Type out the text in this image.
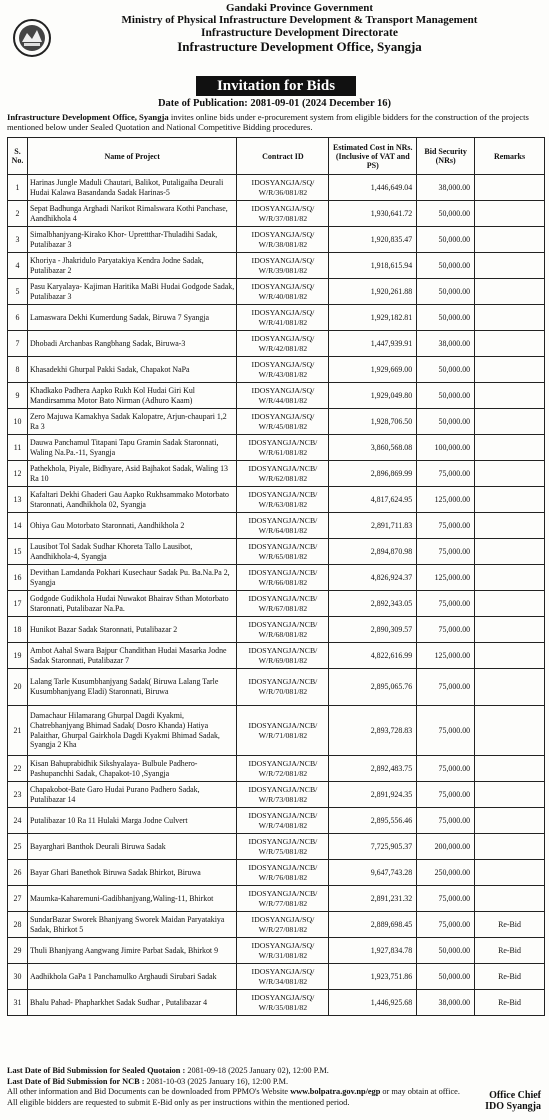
Gandaki Province Government
Ministry of Physical Infrastructure Development & Transport Management
Infrastructure Development Directorate
Infrastructure Development Office, Syangja
Invitation for Bids
Date of Publication: 2081-09-01 (2024 December 16)
Infrastructure Development Office, Syangja invites online bids under e-procurement system from eligible bidders for the construction of the projects mentioned below under Sealed Quotation and National Competitive Bidding procedures.
S. No.	Name of Project	Contract ID	Estimated Cost in NRs. (Inclusive of VAT and PS)	Bid Security (NRs)	Remarks
1	Harinas Jungle Maduli Chautari, Balikot, Putaligaiha Deurali Hudai Kalawa Basandanda Sadak Harinas-5	IDOSYANGJA/SQ/ W/R/36/081/82	1,446,649.04	38,000.00	
2	Sepat Badhunga Arghadi Narikot Rimalswara Kothi Panchase, Aandhikhola 4	IDOSYANGJA/SQ/ W/R/37/081/82	1,930,641.72	50,000.00	
3	Simalbhanjyang-Kirako Khor- Uprettthar-Thuladihi Sadak, Putalibazar 3	IDOSYANGJA/SQ/ W/R/38/081/82	1,920,835.47	50,000.00	
4	Khoriya - Jhakridulo Paryatakiya Kendra Jodne Sadak, Putalibazar 2	IDOSYANGJA/SQ/ W/R/39/081/82	1,918,615.94	50,000.00	
5	Pasu Karyalaya- Kajiman Haritika MaBi Hudai Godgode Sadak, Putalibazar 3	IDOSYANGJA/SQ/ W/R/40/081/82	1,920,261.88	50,000.00	
6	Lamaswara Dekhi Kumerdung Sadak, Biruwa 7 Syangja	IDOSYANGJA/SQ/ W/R/41/081/82	1,929,182.81	50,000.00	
7	Dhobadi Archanbas Rangbhang Sadak, Biruwa-3	IDOSYANGJA/SQ/ W/R/42/081/82	1,447,939.91	38,000.00	
8	Khasadekhi Ghurpal Pakki Sadak, Chapakot NaPa	IDOSYANGJA/SQ/ W/R/43/081/82	1,929,669.00	50,000.00	
9	Khadkako Padhera Aapko Rukh Kol Hudai Giri Kul Mandirsamma Motor Bato Nirman (Adhuro Kaam)	IDOSYANGJA/SQ/ W/R/44/081/82	1,929,049.80	50,000.00	
10	Zero Majuwa Kamakhya Sadak Kalopatre, Arjun-chaupari 1,2 Ra 3	IDOSYANGJA/SQ/ W/R/45/081/82	1,928,706.50	50,000.00	
11	Dauwa Panchamul Titapani Tapu Gramin Sadak Staronnati, Waling Na.Pa.-11, Syangja	IDOSYANGJA/NCB/ W/R/61/081/82	3,860,568.08	100,000.00	
12	Pathekhola, Piyale, Bidhyare, Asid Bajhakot Sadak, Waling 13 Ra 10	IDOSYANGJA/NCB/ W/R/62/081/82	2,896,869.99	75,000.00	
13	Kafaltari Dekhi Ghaderi Gau Aapko Rukhsammako Motorbato Staronnati, Aandhikhola 02, Syangja	IDOSYANGJA/NCB/ W/R/63/081/82	4,817,624.95	125,000.00	
14	Ohiya Gau Motorbato Staronnati, Aandhikhola 2	IDOSYANGJA/NCB/ W/R/64/081/82	2,891,711.83	75,000.00	
15	Lausibot Tol Sadak Sudhar Khoreta Tallo Lausibot, Aandhikhola-4, Syangja	IDOSYANGJA/NCB/ W/R/65/081/82	2,894,870.98	75,000.00	
16	Devithan Lamdanda Pokhari Kusechaur Sadak Pu. Ba.Na.Pa 2, Syangja	IDOSYANGJA/NCB/ W/R/66/081/82	4,826,924.37	125,000.00	
17	Godgode Gudikhola Hudai Nuwakot Bhairav Sthan Motorbato Staronnati, Putalibazar Na.Pa.	IDOSYANGJA/NCB/ W/R/67/081/82	2,892,343.05	75,000.00	
18	Hunikot Bazar Sadak Staronnati, Putalibazar 2	IDOSYANGJA/NCB/ W/R/68/081/82	2,890,309.57	75,000.00	
19	Ambot Aahal Swara Bajpur Chandithan Hudai Masarka Jodne Sadak Staronnati, Putalibazar 7	IDOSYANGJA/NCB/ W/R/69/081/82	4,822,616.99	125,000.00	
20	Lalang Tarle Kusumbhanjyang Sadak( Biruwa Lalang Tarle Kusumbhanjyang Eladi) Staronnati, Biruwa	IDOSYANGJA/NCB/ W/R/70/081/82	2,895,065.76	75,000.00	
21	Damachaur Hilamarang Ghurpal Dagdi Kyakmi, Chatrebhanjyang Bhimad Sadak( Dosro Khanda) Hatiya Palaithar, Ghurpal Gairkhola Dagdi Kyakmi Bhimad Sadak, Syangja 2 Kha	IDOSYANGJA/NCB/ W/R/71/081/82	2,893,728.83	75,000.00	
22	Kisan Bahuprabidhik Sikshyalaya- Bulbule Padhero-Pashupanchhi Sadak, Chapakot-10 ,Syangja	IDOSYANGJA/NCB/ W/R/72/081/82	2,892,483.75	75,000.00	
23	Chapakobot-Bate Garo Hudai Purano Padhero Sadak, Putalibazar 14	IDOSYANGJA/NCB/ W/R/73/081/82	2,891,924.35	75,000.00	
24	Putalibazar 10 Ra 11 Hulaki Marga Jodne Culvert	IDOSYANGJA/NCB/ W/R/74/081/82	2,895,556.46	75,000.00	
25	Bayarghari Banthok Deurali Biruwa Sadak	IDOSYANGJA/NCB/ W/R/75/081/82	7,725,905.37	200,000.00	
26	Bayar Ghari Banethok Biruwa Sadak Bhirkot, Biruwa	IDOSYANGJA/NCB/ W/R/76/081/82	9,647,743.28	250,000.00	
27	Maumka-Kaharemuni-Gadibhanjyang,Waling-11, Bhirkot	IDOSYANGJA/NCB/ W/R/77/081/82	2,891,231.32	75,000.00	
28	SundarBazar Sworek Bhanjyang Sworek Maidan Paryatakiya Sadak, Bhirkot 5	IDOSYANGJA/SQ/ W/R/27/081/82	2,889,698.45	75,000.00	Re-Bid
29	Thuli Bhanjyang Aangwang Jimire Parbat Sadak, Bhirkot 9	IDOSYANGJA/SQ/ W/R/31/081/82	1,927,834.78	50,000.00	Re-Bid
30	Aadhikhola GaPa 1 Panchamulko Arghaudi Sirubari Sadak	IDOSYANGJA/SQ/ W/R/34/081/82	1,923,751.86	50,000.00	Re-Bid
31	Bhalu Pahad- Phapharkhet Sadak Sudhar , Putalibazar 4	IDOSYANGJA/SQ/ W/R/35/081/82	1,446,925.68	38,000.00	Re-Bid
Last Date of Bid Submission for Sealed Quotaion : 2081-09-18 (2025 January 02), 12:00 P.M.
Last Date of Bid Submission for NCB : 2081-10-03 (2025 January 16), 12:00 P.M.
All other information and Bid Documents can be downloaded from PPMO's Website www.bolpatra.gov.np/egp or may obtain at office.
All eligible bidders are requested to submit E-Bid only as per instructions within the mentioned period.
Office Chief
IDO Syangja
